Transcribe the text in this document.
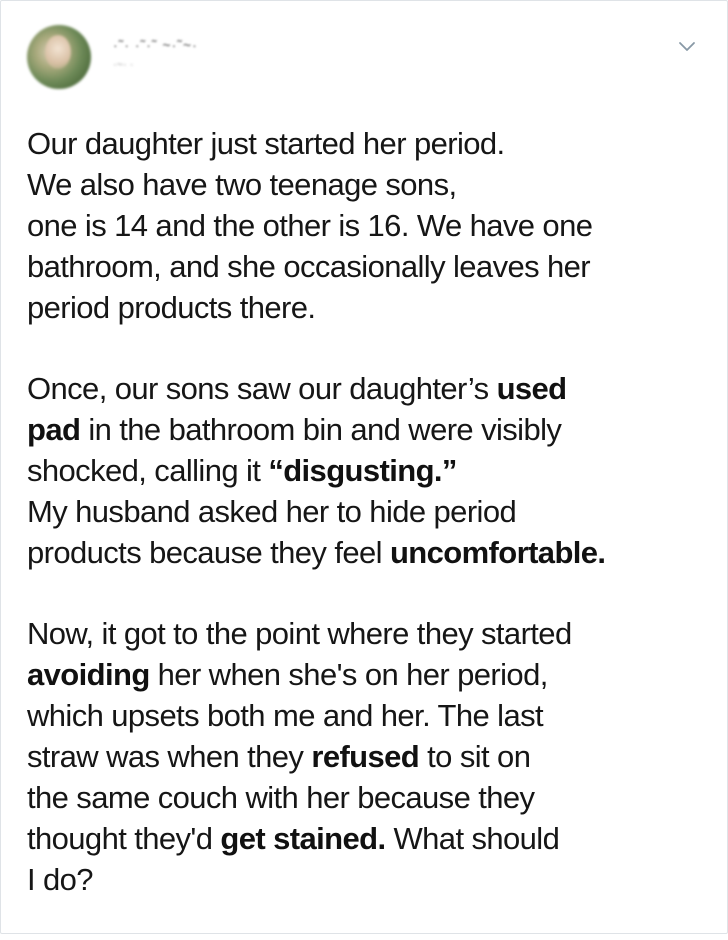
·˜· ·˜·˜ ~·˜~·
·~· ·

Our daughter just started her period.
We also have two teenage sons,
one is 14 and the other is 16. We have one
bathroom, and she occasionally leaves her
period products there.

Once, our sons saw our daughter’s used
pad in the bathroom bin and were visibly
shocked, calling it “disgusting.”
My husband asked her to hide period
products because they feel uncomfortable.

Now, it got to the point where they started
avoiding her when she's on her period,
which upsets both me and her. The last
straw was when they refused to sit on
the same couch with her because they
thought they'd get stained. What should
I do?
